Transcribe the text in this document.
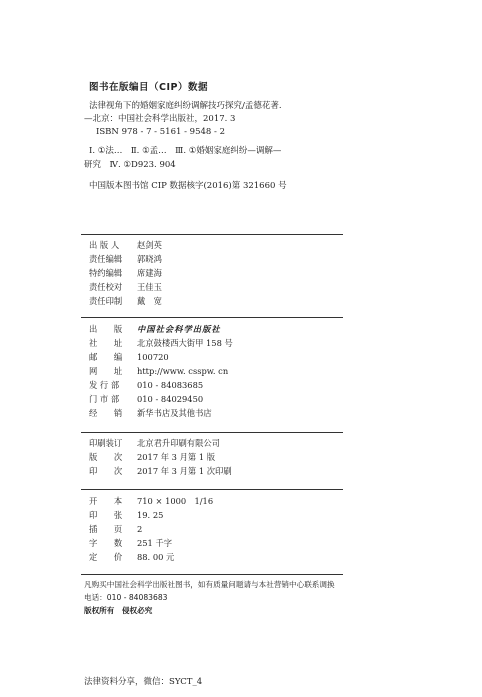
图书在版编目（CIP）数据
法律视角下的婚姻家庭纠纷调解技巧探究/孟德花著.
—北京：中国社会科学出版社，2017. 3
ISBN 978 - 7 - 5161 - 9548 - 2
Ⅰ. ①法…　Ⅱ. ①孟…　Ⅲ. ①婚姻家庭纠纷—调解—
研究　Ⅳ. ①D923. 904
中国版本图书馆 CIP 数据核字(2016)第 321660 号
出 版 人 赵剑英
责任编辑 郭晓鸿
特约编辑 席建海
责任校对 王佳玉
责任印制 戴　宽
出　　版 中国社会科学出版社
社　　址 北京鼓楼西大街甲 158 号
邮　　编 100720
网　　址 http://www. csspw. cn
发 行 部 010 - 84083685
门 市 部 010 - 84029450
经　　销 新华书店及其他书店
印刷装订 北京君升印刷有限公司
版　　次 2017 年 3 月第 1 版
印　　次 2017 年 3 月第 1 次印刷
开　　本 710 × 1000　1/16
印　　张 19. 25
插　　页 2
字　　数 251 千字
定　　价 88. 00 元
凡购买中国社会科学出版社图书，如有质量问题请与本社营销中心联系调换
电话：010 - 84083683
版权所有　侵权必究
法律资料分享，微信：SYCT_4
